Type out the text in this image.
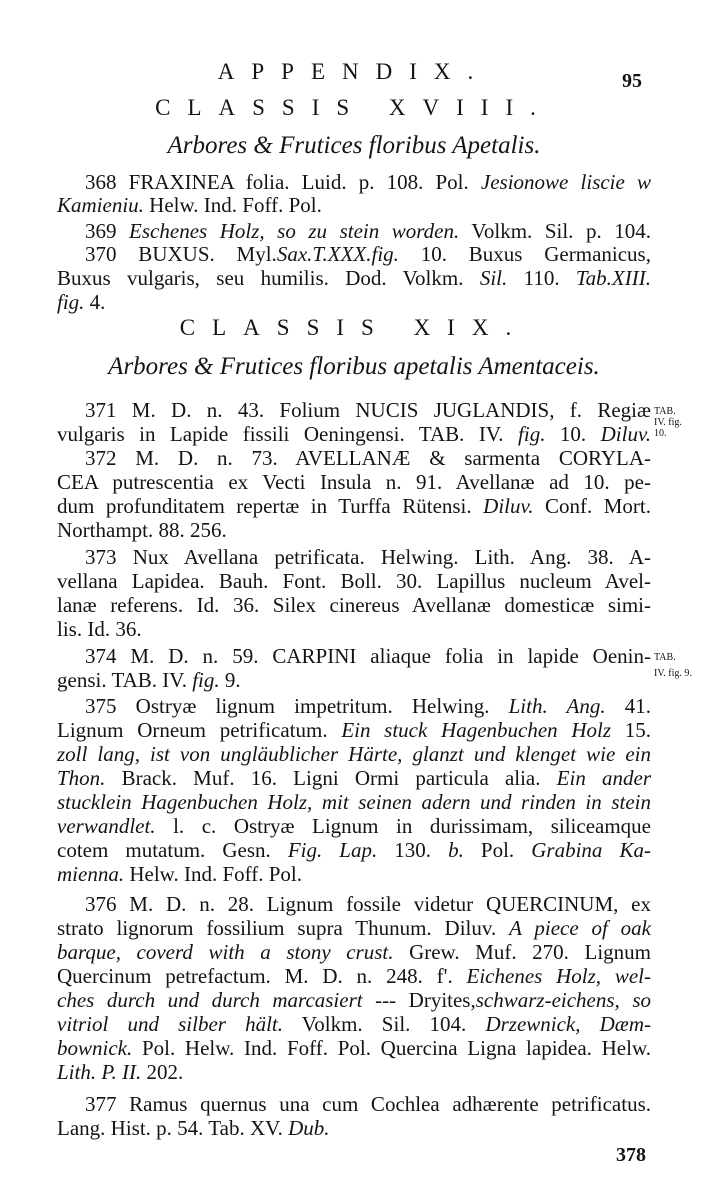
95
APPENDIX.
CLASSIS XVIII.
Arbores & Frutices floribus Apetalis.
368 FRAXINEA folia. Luid. p. 108. Pol. Jesionowe liscie w
Kamieniu. Helw. Ind. Foff. Pol.
369 Eschenes Holz, so zu stein worden. Volkm. Sil. p. 104.
370 BUXUS. Myl.Sax.T.XXX.fig. 10. Buxus Germanicus,
Buxus vulgaris, seu humilis. Dod. Volkm. Sil. 110. Tab.XIII.
fig. 4.
CLASSIS XIX.
Arbores & Frutices floribus apetalis Amentaceis.
371 M. D. n. 43. Folium NUCIS JUGLANDIS, f. Regiæ
vulgaris in Lapide fissili Oeningensi. TAB. IV. fig. 10. Diluv.
TAB.
IV. fig.
10.
372 M. D. n. 73. AVELLANÆ & sarmenta CORYLA-
CEA putrescentia ex Vecti Insula n. 91. Avellanæ ad 10. pe-
dum profunditatem repertæ in Turffa Rütensi. Diluv. Conf. Mort.
Northampt. 88. 256.
373 Nux Avellana petrificata. Helwing. Lith. Ang. 38. A-
vellana Lapidea. Bauh. Font. Boll. 30. Lapillus nucleum Avel-
lanæ referens. Id. 36. Silex cinereus Avellanæ domesticæ simi-
lis. Id. 36.
374 M. D. n. 59. CARPINI aliaque folia in lapide Oenin-
gensi. TAB. IV. fig. 9.
TAB.
IV. fig. 9.
375 Ostryæ lignum impetritum. Helwing. Lith. Ang. 41.
Lignum Orneum petrificatum. Ein stuck Hagenbuchen Holz 15.
zoll lang, ist von ungläublicher Härte, glanzt und klenget wie ein
Thon. Brack. Muf. 16. Ligni Ormi particula alia. Ein ander
stucklein Hagenbuchen Holz, mit seinen adern und rinden in stein
verwandlet. l. c. Ostryæ Lignum in durissimam, siliceamque
cotem mutatum. Gesn. Fig. Lap. 130. b. Pol. Grabina Ka-
mienna. Helw. Ind. Foff. Pol.
376 M. D. n. 28. Lignum fossile videtur QUERCINUM, ex
strato lignorum fossilium supra Thunum. Diluv. A piece of oak
barque, coverd with a stony crust. Grew. Muf. 270. Lignum
Quercinum petrefactum. M. D. n. 248. f'. Eichenes Holz, wel-
ches durch und durch marcasiert --- Dryites,schwarz-eichens, so
vitriol und silber hält. Volkm. Sil. 104. Drzewnick, Dæm-
bownick. Pol. Helw. Ind. Foff. Pol. Quercina Ligna lapidea. Helw.
Lith. P. II. 202.
377 Ramus quernus una cum Cochlea adhærente petrificatus.
Lang. Hist. p. 54. Tab. XV. Dub.
378
